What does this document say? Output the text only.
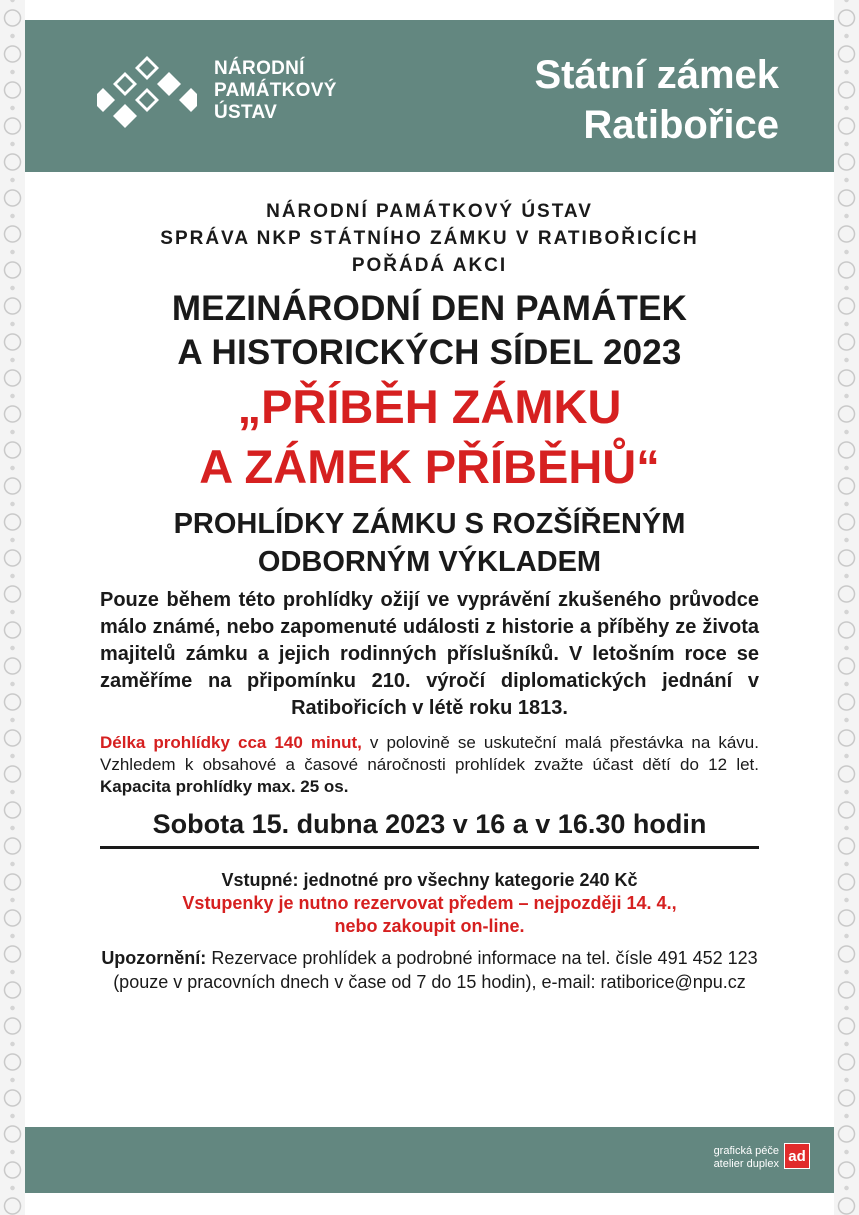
NÁRODNÍ
PAMÁTKOVÝ
ÚSTAV
Státní zámek
Ratibořice
NÁRODNÍ PAMÁTKOVÝ ÚSTAV
SPRÁVA NKP STÁTNÍHO ZÁMKU V RATIBOŘICÍCH
POŘÁDÁ AKCI
MEZINÁRODNÍ DEN PAMÁTEK
A HISTORICKÝCH SÍDEL 2023
„PŘÍBĚH ZÁMKU
A ZÁMEK PŘÍBĚHŮ“
PROHLÍDKY ZÁMKU S ROZŠÍŘENÝM
ODBORNÝM VÝKLADEM

Pouze během této prohlídky ožijí ve vyprávění zkušeného průvodce málo známé, nebo zapomenuté události z historie a příběhy ze života majitelů zámku a jejich rodinných příslušníků. V letošním roce se zaměříme na připomínku 210. výročí diplomatických jednání v Ratibořicích v létě roku 1813.

Délka prohlídky cca 140 minut, v polovině se uskuteční malá přestávka na kávu. Vzhledem k obsahové a časové náročnosti prohlídek zvažte účast dětí do 12 let. Kapacita prohlídky max. 25 os.

Sobota 15. dubna 2023 v 16 a v 16.30 hodin
Vstupné: jednotné pro všechny kategorie 240 Kč
Vstupenky je nutno rezervovat předem – nejpozději 14. 4.,
nebo zakoupit on-line.

Upozornění: Rezervace prohlídek a podrobné informace na tel. čísle 491 452 123 (pouze v pracovních dnech v čase od 7 do 15 hodin), e-mail: ratiborice@npu.cz

grafická péče
atelier duplex ad
